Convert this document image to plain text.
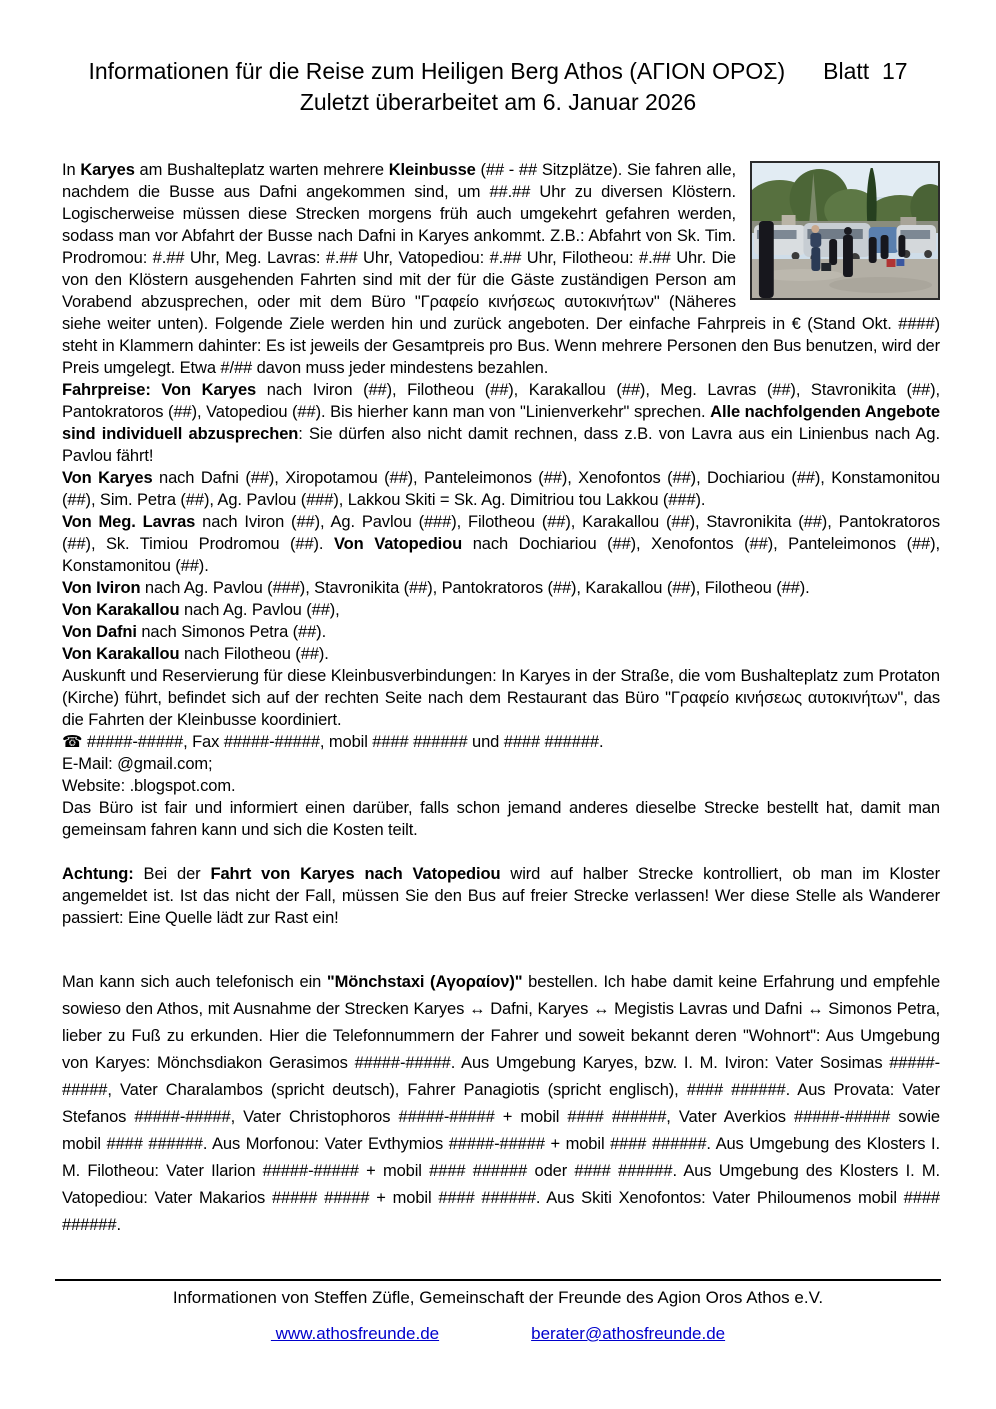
Informationen für die Reise zum Heiligen Berg Athos (ΑΓΙΟΝ ΟΡΟΣ) Blatt  17
Zuletzt überarbeitet am 6. Januar 2026

In Karyes am Bushalteplatz warten mehrere Kleinbusse (## - ## Sitzplätze). Sie fahren alle, nachdem die Busse aus Dafni angekommen sind, um ##.## Uhr zu diversen Klöstern. Logischerweise müssen diese Strecken morgens früh auch umgekehrt gefahren werden, sodass man vor Abfahrt der Busse nach Dafni in Karyes ankommt. Z.B.: Abfahrt von Sk. Tim. Prodromou: #.## Uhr, Meg. Lavras: #.## Uhr, Vatopediou: #.## Uhr, Filotheou: #.## Uhr. Die von den Klöstern ausgehenden Fahrten sind mit der für die Gäste zuständigen Person am Vorabend abzusprechen, oder mit dem Büro "Γραφείο κινήσεως αυτοκινήτων" (Näheres siehe weiter unten). Folgende Ziele werden hin und zurück angeboten. Der einfache Fahrpreis in € (Stand Okt. ####) steht in Klammern dahinter: Es ist jeweils der Gesamtpreis pro Bus. Wenn mehrere Personen den Bus benutzen, wird der Preis umgelegt. Etwa #/## davon muss jeder mindestens bezahlen.

Fahrpreise: Von Karyes nach Iviron (##), Filotheou (##), Karakallou (##), Meg. Lavras (##), Stavronikita (##), Pantokratoros (##), Vatopediou (##). Bis hierher kann man von "Linienverkehr" sprechen. Alle nachfolgenden Angebote sind individuell abzusprechen: Sie dürfen also nicht damit rechnen, dass z.B. von Lavra aus ein Linienbus nach Ag. Pavlou fährt!

Von Karyes nach Dafni (##), Xiropotamou (##), Panteleimonos (##), Xenofontos (##), Dochiariou (##), Konstamonitou (##), Sim. Petra (##), Ag. Pavlou (###), Lakkou Skiti = Sk. Ag. Dimitriou tou Lakkou (###).

Von Meg. Lavras nach Iviron (##), Ag. Pavlou (###), Filotheou (##), Karakallou (##), Stavronikita (##), Pantokratoros (##), Sk. Timiou Prodromou (##). Von Vatopediou nach Dochiariou (##), Xenofontos (##), Panteleimonos (##), Konstamonitou (##).

Von Iviron nach Ag. Pavlou (###), Stavronikita (##), Pantokratoros (##), Karakallou (##), Filotheou (##).

Von Karakallou nach Ag. Pavlou (##),

Von Dafni nach Simonos Petra (##).

Von Karakallou nach Filotheou (##).

Auskunft und Reservierung für diese Kleinbusverbindungen: In Karyes in der Straße, die vom Bushalteplatz zum Protaton (Kirche) führt, befindet sich auf der rechten Seite nach dem Restaurant das Büro "Γραφείο κινήσεως αυτοκινήτων", das die Fahrten der Kleinbusse koordiniert.

☎ #####-#####, Fax #####-#####, mobil #### ###### und #### ######.

E-Mail: @gmail.com;

Website: .blogspot.com.

Das Büro ist fair und informiert einen darüber, falls schon jemand anderes dieselbe Strecke bestellt hat, damit man gemeinsam fahren kann und sich die Kosten teilt.

Achtung: Bei der Fahrt von Karyes nach Vatopediou wird auf halber Strecke kontrolliert, ob man im Kloster angemeldet ist. Ist das nicht der Fall, müssen Sie den Bus auf freier Strecke verlassen! Wer diese Stelle als Wanderer passiert: Eine Quelle lädt zur Rast ein!

Man kann sich auch telefonisch ein "Mönchstaxi (Αγοραίον)" bestellen. Ich habe damit keine Erfahrung und empfehle sowieso den Athos, mit Ausnahme der Strecken Karyes ↔ Dafni, Karyes ↔ Megistis Lavras und Dafni ↔ Simonos Petra, lieber zu Fuß zu erkunden. Hier die Telefonnummern der Fahrer und soweit bekannt deren "Wohnort": Aus Umgebung von Karyes: Mönchsdiakon Gerasimos #####-#####. Aus Umgebung Karyes, bzw. I. M. Iviron: Vater Sosimas #####-#####, Vater Charalambos (spricht deutsch), Fahrer Panagiotis (spricht englisch), #### ######. Aus Provata: Vater Stefanos #####-#####, Vater Christophoros #####-##### + mobil #### ######, Vater Averkios #####-##### sowie mobil #### ######. Aus Morfonou: Vater Evthymios #####-##### + mobil #### ######. Aus Umgebung des Klosters I. M. Filotheou: Vater Ilarion #####-##### + mobil #### ###### oder #### ######. Aus Umgebung des Klosters I. M. Vatopediou: Vater Makarios ##### ##### + mobil #### ######. Aus Skiti Xenofontos: Vater Philoumenos mobil #### ######.

Informationen von Steffen Züfle, Gemeinschaft der Freunde des Agion Oros Athos e.V.
www.athosfreunde.de	berater@athosfreunde.de
